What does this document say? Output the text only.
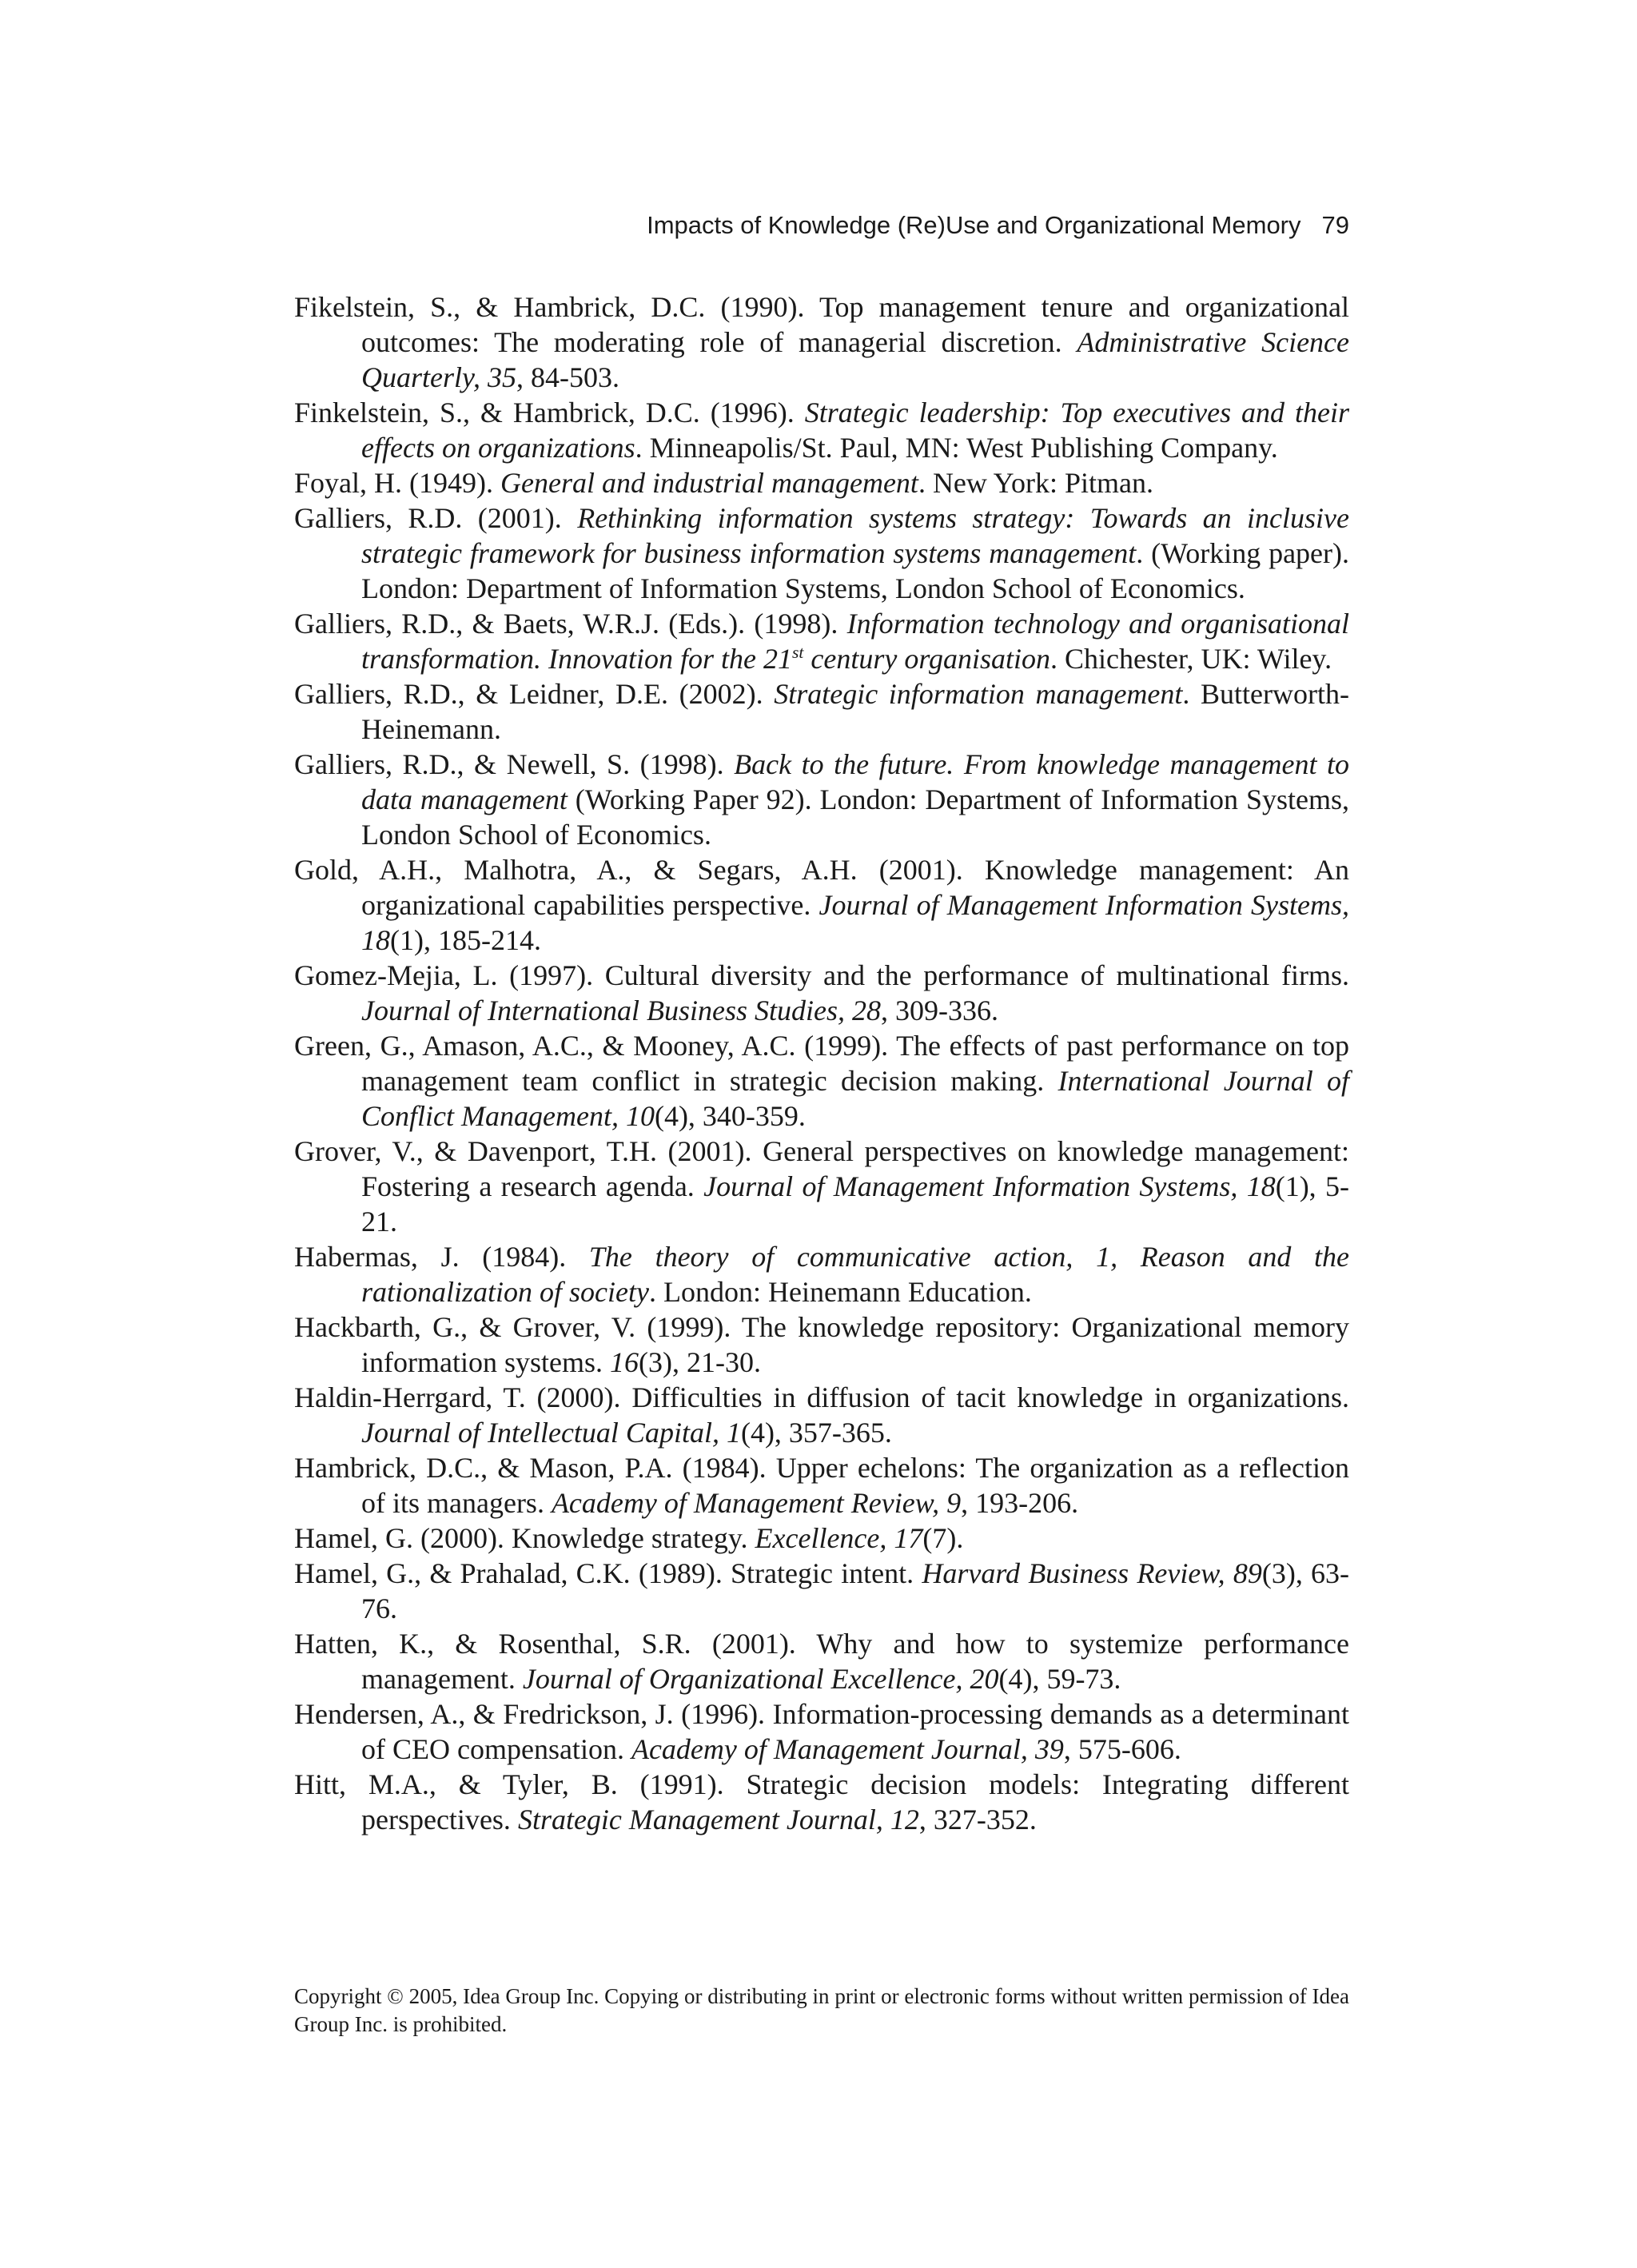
Impacts of Knowledge (Re)Use and Organizational Memory 79

Fikelstein, S., & Hambrick, D.C. (1990). Top management tenure and organizational outcomes: The moderating role of managerial discretion. Administrative Science Quarterly, 35, 84-503.

Finkelstein, S., & Hambrick, D.C. (1996). Strategic leadership: Top executives and their effects on organizations. Minneapolis/St. Paul, MN: West Publishing Company.

Foyal, H. (1949). General and industrial management. New York: Pitman.

Galliers, R.D. (2001). Rethinking information systems strategy: Towards an inclusive strategic framework for business information systems management. (Working paper). London: Department of Information Systems, London School of Economics.

Galliers, R.D., & Baets, W.R.J. (Eds.). (1998). Information technology and organisational transformation. Innovation for the 21st century organisation. Chichester, UK: Wiley.

Galliers, R.D., & Leidner, D.E. (2002). Strategic information management. Butterworth-Heinemann.

Galliers, R.D., & Newell, S. (1998). Back to the future. From knowledge management to data management (Working Paper 92). London: Department of Information Systems, London School of Economics.

Gold, A.H., Malhotra, A., & Segars, A.H. (2001). Knowledge management: An organizational capabilities perspective. Journal of Management Information Systems, 18(1), 185-214.

Gomez-Mejia, L. (1997). Cultural diversity and the performance of multinational firms. Journal of International Business Studies, 28, 309-336.

Green, G., Amason, A.C., & Mooney, A.C. (1999). The effects of past performance on top management team conflict in strategic decision making. International Journal of Conflict Management, 10(4), 340-359.

Grover, V., & Davenport, T.H. (2001). General perspectives on knowledge management: Fostering a research agenda. Journal of Management Information Systems, 18(1), 5-21.

Habermas, J. (1984). The theory of communicative action, 1, Reason and the rationalization of society. London: Heinemann Education.

Hackbarth, G., & Grover, V. (1999). The knowledge repository: Organizational memory information systems. 16(3), 21-30.

Haldin-Herrgard, T. (2000). Difficulties in diffusion of tacit knowledge in organizations. Journal of Intellectual Capital, 1(4), 357-365.

Hambrick, D.C., & Mason, P.A. (1984). Upper echelons: The organization as a reflection of its managers. Academy of Management Review, 9, 193-206.

Hamel, G. (2000). Knowledge strategy. Excellence, 17(7).

Hamel, G., & Prahalad, C.K. (1989). Strategic intent. Harvard Business Review, 89(3), 63-76.

Hatten, K., & Rosenthal, S.R. (2001). Why and how to systemize performance management. Journal of Organizational Excellence, 20(4), 59-73.

Hendersen, A., & Fredrickson, J. (1996). Information-processing demands as a determinant of CEO compensation. Academy of Management Journal, 39, 575-606.

Hitt, M.A., & Tyler, B. (1991). Strategic decision models: Integrating different perspectives. Strategic Management Journal, 12, 327-352.

Copyright © 2005, Idea Group Inc. Copying or distributing in print or electronic forms without written permission of Idea Group Inc. is prohibited.
